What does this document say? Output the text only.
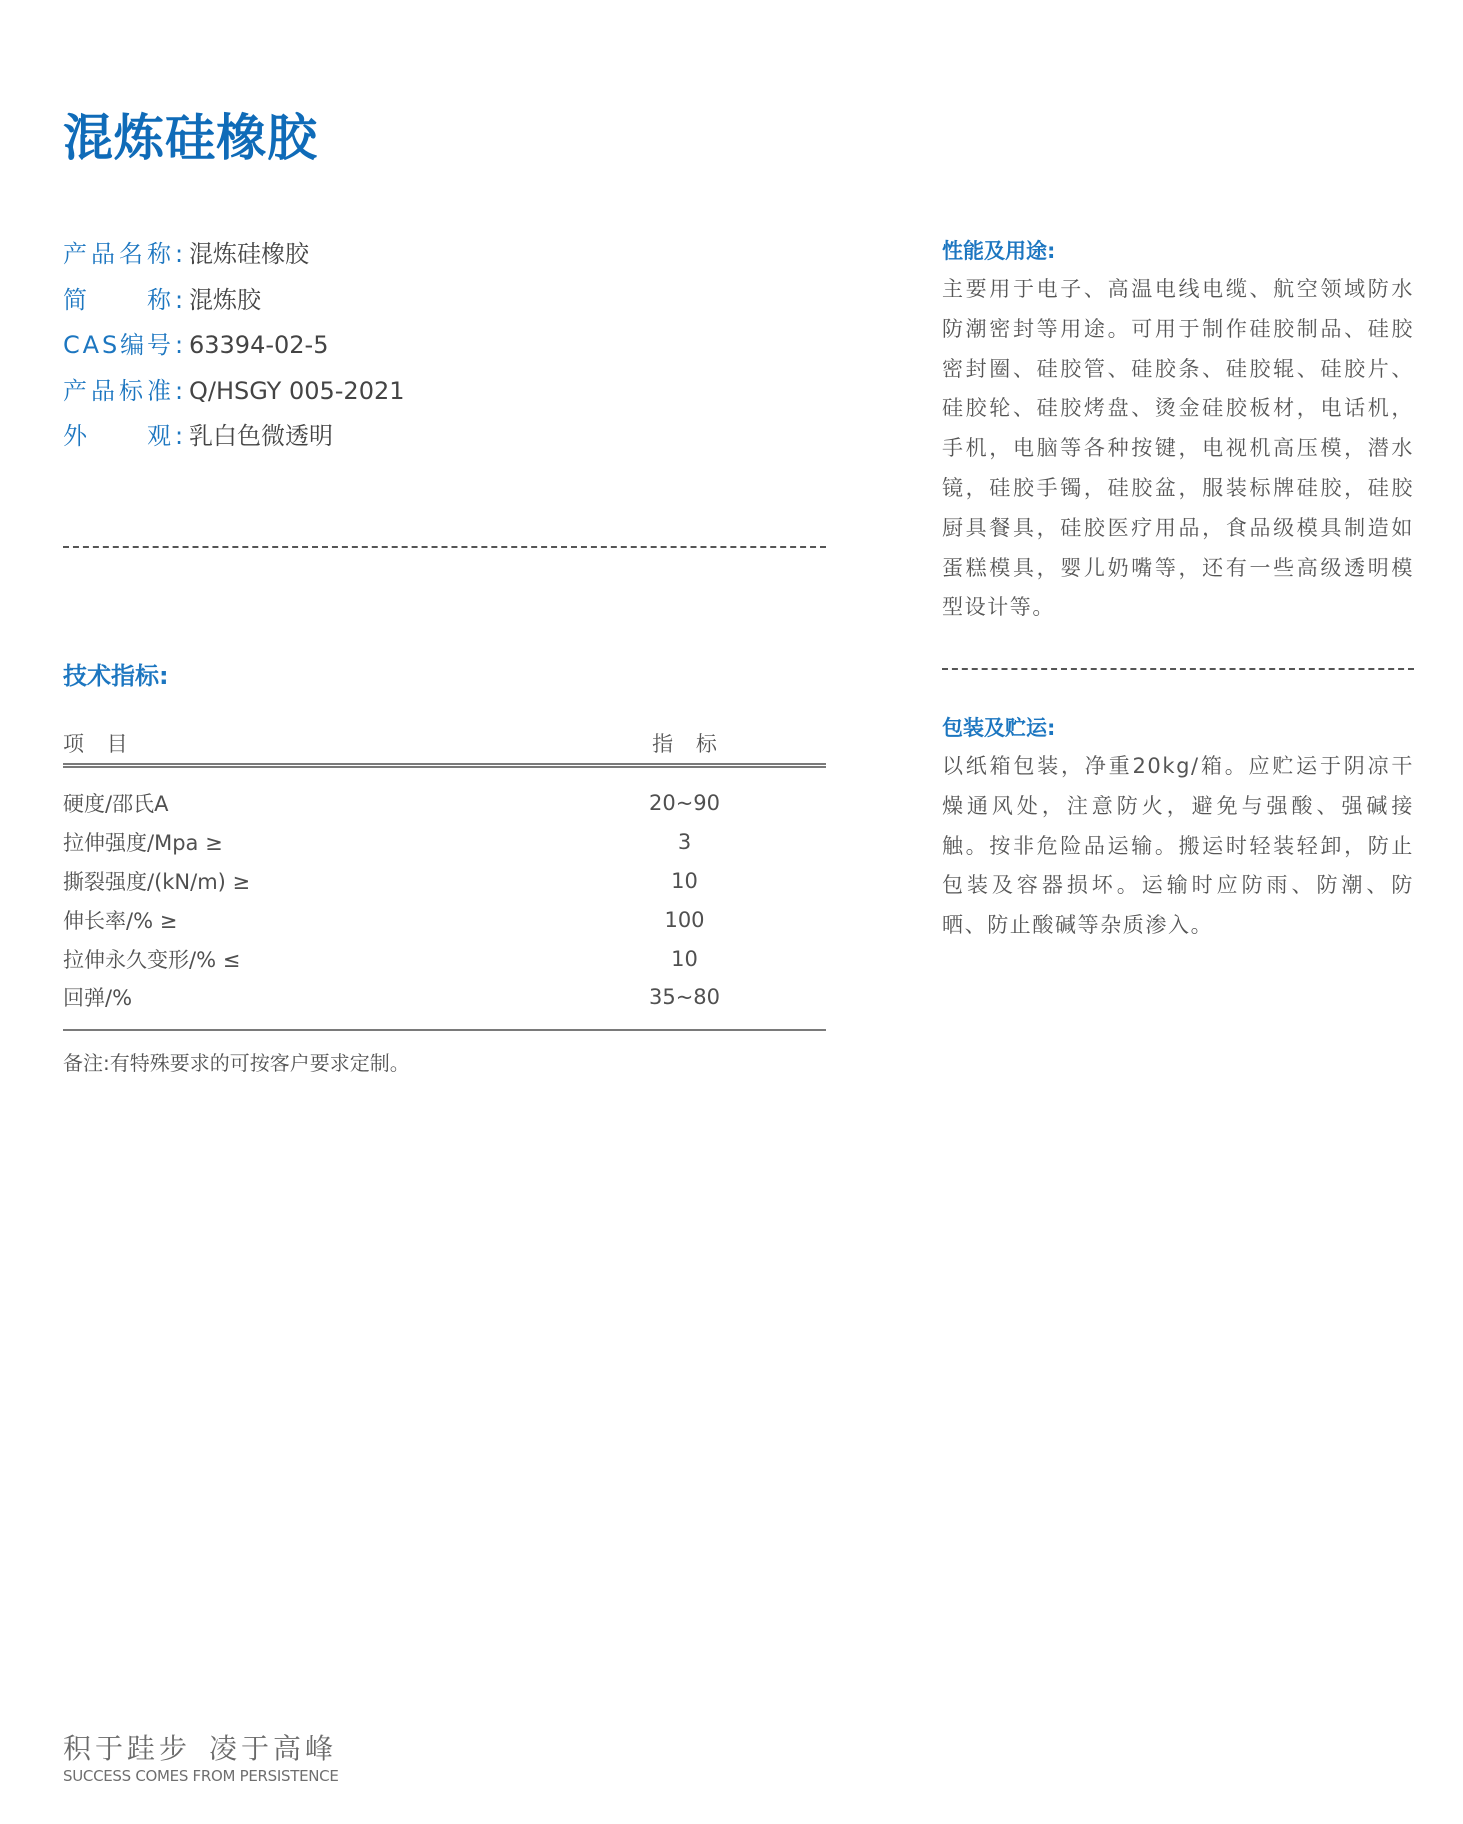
混炼硅橡胶
产 品 名 称 : 混炼硅橡胶
简	称 : 混炼胶
C A S 编 号 : 63394-02-5
产 品 标 准 : Q/HSGY 005-2021
外	观 : 乳白色微透明
技术指标:
项 目	指 标
硬度/邵氏A	20~90
拉伸强度/Mpa ≥	3
撕裂强度/(kN/m) ≥	10
伸长率/% ≥	100
拉伸永久变形/% ≤	10
回弹/%	35~80

备注:有特殊要求的可按客户要求定制。

性能及用途:

主要用于电子、高温电线电缆、航空领域防水防潮密封等用途。可用于制作硅胶制品、硅胶密封圈、硅胶管、硅胶条、硅胶辊、硅胶片、硅胶轮、硅胶烤盘、烫金硅胶板材，电话机，手机，电脑等各种按键，电视机高压模，潜水镜，硅胶手镯，硅胶盆，服装标牌硅胶，硅胶厨具餐具，硅胶医疗用品，食品级模具制造如蛋糕模具，婴儿奶嘴等，还有一些高级透明模型设计等。

包装及贮运:

以纸箱包装，净重20kg/箱。应贮运于阴凉干燥通风处，注意防火，避免与强酸、强碱接触。按非危险品运输。搬运时轻装轻卸，防止包装及容器损坏。运输时应防雨、防潮、防晒、防止酸碱等杂质渗入。

积于跬步 凌于高峰
SUCCESS COMES FROM PERSISTENCE
